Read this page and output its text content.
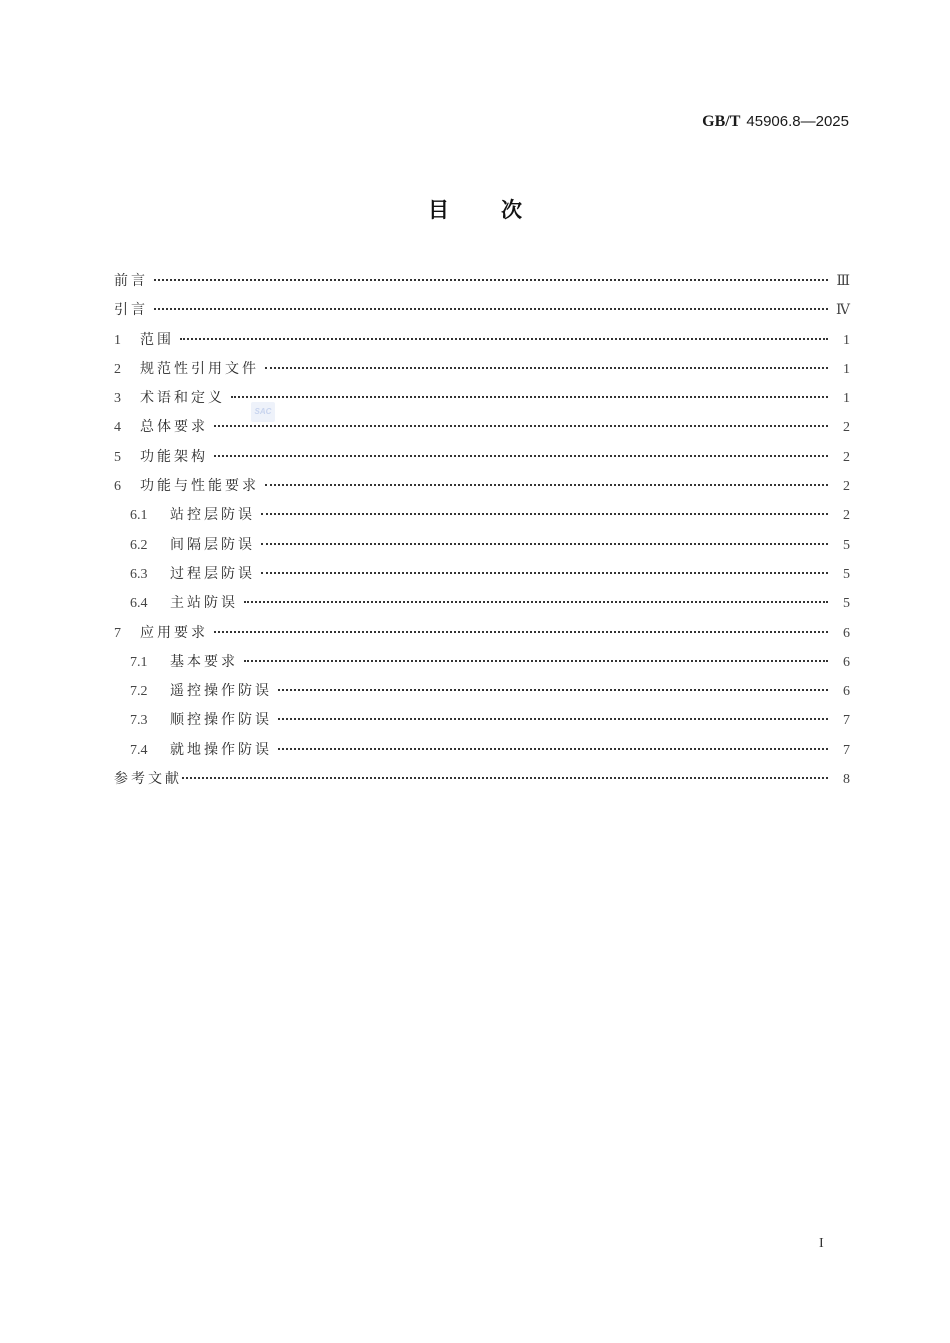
GB/T 45906.8—2025
目 次
前言	Ⅲ
引言	Ⅳ
1	范围	1
2	规范性引用文件	1
3	术语和定义	1
4	总体要求	2
5	功能架构	2
6	功能与性能要求	2
6.1	站控层防误	2
6.2	间隔层防误	5
6.3	过程层防误	5
6.4	主站防误	5
7	应用要求	6
7.1	基本要求	6
7.2	遥控操作防误	6
7.3	顺控操作防误	7
7.4	就地操作防误	7
参考文献	8
SAC
I
